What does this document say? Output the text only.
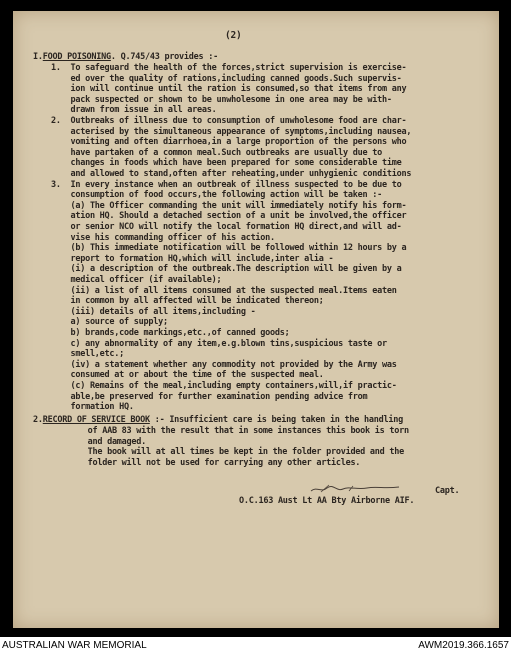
(2)
I.FOOD POISONING. Q.745/43 provides :-
1.  To safeguard the health of the forces,strict supervision is exercise-
ed over the quality of rations,including canned goods.Such supervis-
ion will continue until the ration is consumed,so that items from any
pack suspected or shown to be unwholesome in one area may be with-
drawn from issue in all areas.
2.  Outbreaks of illness due to consumption of unwholesome food are char-
acterised by the simultaneous appearance of symptoms,including nausea,
vomiting and often diarrhoea,in a large proportion of the persons who
have partaken of a common meal.Such outbreaks are usually due to
changes in foods which have been prepared for some considerable time
and allowed to stand,often after reheating,under unhygienic conditions
3.  In every instance when an outbreak of illness suspected to be due to
consumption of food occurs,the following action will be taken :-
(a) The Officer commanding the unit will immediately notify his form-
ation HQ. Should a detached section of a unit be involved,the officer
or senior NCO will notify the local formation HQ direct,and will ad-
vise his commanding officer of his action.
(b) This immediate notification will be followed within 12 hours by a
report to formation HQ,which will include,inter alia -
(i) a description of the outbreak.The description will be given by a
medical officer (if available);
(ii) a list of all items consumed at the suspected meal.Items eaten
in common by all affected will be indicated thereon;
(iii) details of all items,including -
a) source of supply;
b) brands,code markings,etc.,of canned goods;
c) any abnormality of any item,e.g.blown tins,suspicious taste or
smell,etc.;
(iv) a statement whether any commodity not provided by the Army was
consumed at or about the time of the suspected meal.
(c) Remains of the meal,including empty containers,will,if practic-
able,be preserved for further examination pending advice from
formation HQ.
2.RECORD OF SERVICE BOOK :- Insufficient care is being taken in the handling
of AAB 83 with the result that in some instances this book is torn
and damaged.
The book will at all times be kept in the folder provided and the
folder will not be used for carrying any other articles.
Capt.
O.C.163 Aust Lt AA Bty Airborne AIF.
AUSTRALIAN WAR MEMORIAL	AWM2019.366.1657
